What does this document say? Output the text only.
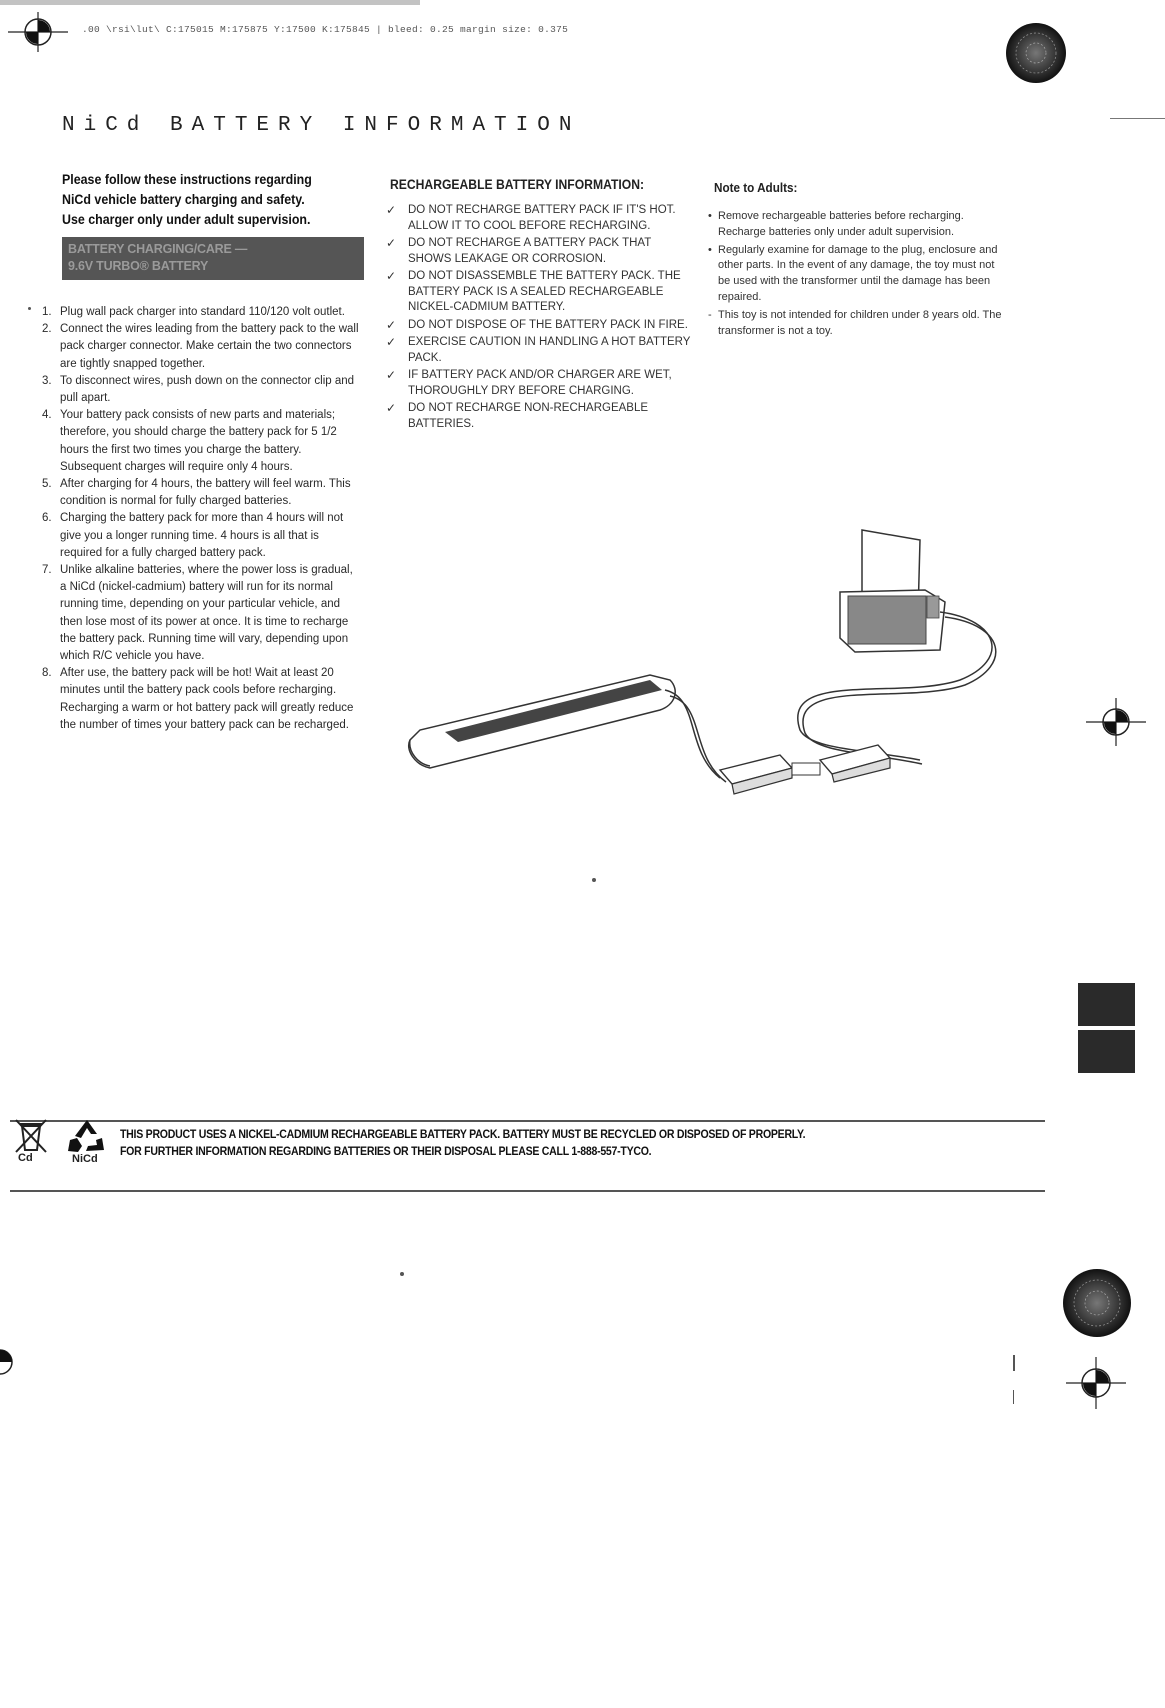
.00 \rsi\lut\ C:175015 M:175875 Y:17500 K:175845 | bleed: 0.25 margin size: 0.375
NiCd BATTERY INFORMATION
Please follow these instructions regarding
NiCd vehicle battery charging and safety.
Use charger only under adult supervision.
BATTERY CHARGING/CARE —
9.6V TURBO® BATTERY
1. Plug wall pack charger into standard 110/120 volt outlet.
2. Connect the wires leading from the battery pack to the wall pack charger connector. Make certain the two connectors are tightly snapped together.
3. To disconnect wires, push down on the connector clip and pull apart.
4. Your battery pack consists of new parts and materials; therefore, you should charge the battery pack for 5 1/2 hours the first two times you charge the battery. Subsequent charges will require only 4 hours.
5. After charging for 4 hours, the battery will feel warm. This condition is normal for fully charged batteries.
6. Charging the battery pack for more than 4 hours will not give you a longer running time. 4 hours is all that is required for a fully charged battery pack.
7. Unlike alkaline batteries, where the power loss is gradual, a NiCd (nickel-cadmium) battery will run for its normal running time, depending on your particular vehicle, and then lose most of its power at once. It is time to recharge the battery pack. Running time will vary, depending upon which R/C vehicle you have.
8. After use, the battery pack will be hot! Wait at least 20 minutes until the battery pack cools before recharging. Recharging a warm or hot battery pack will greatly reduce the number of times your battery pack can be recharged.
RECHARGEABLE BATTERY INFORMATION:
✓ DO NOT RECHARGE BATTERY PACK IF IT'S HOT. ALLOW IT TO COOL BEFORE RECHARGING.
✓ DO NOT RECHARGE A BATTERY PACK THAT SHOWS LEAKAGE OR CORROSION.
✓ DO NOT DISASSEMBLE THE BATTERY PACK. THE BATTERY PACK IS A SEALED RECHARGEABLE NICKEL-CADMIUM BATTERY.
✓ DO NOT DISPOSE OF THE BATTERY PACK IN FIRE.
✓ EXERCISE CAUTION IN HANDLING A HOT BATTERY PACK.
✓ IF BATTERY PACK AND/OR CHARGER ARE WET, THOROUGHLY DRY BEFORE CHARGING.
✓ DO NOT RECHARGE NON-RECHARGEABLE BATTERIES.
Note to Adults:
• Remove rechargeable batteries before recharging. Recharge batteries only under adult supervision.
• Regularly examine for damage to the plug, enclosure and other parts. In the event of any damage, the toy must not be used with the transformer until the damage has been repaired.
- This toy is not intended for children under 8 years old. The transformer is not a toy.
Cd	NiCd
THIS PRODUCT USES A NICKEL-CADMIUM RECHARGEABLE BATTERY PACK. BATTERY MUST BE RECYCLED OR DISPOSED OF PROPERLY.
FOR FURTHER INFORMATION REGARDING BATTERIES OR THEIR DISPOSAL PLEASE CALL 1-888-557-TYCO.
